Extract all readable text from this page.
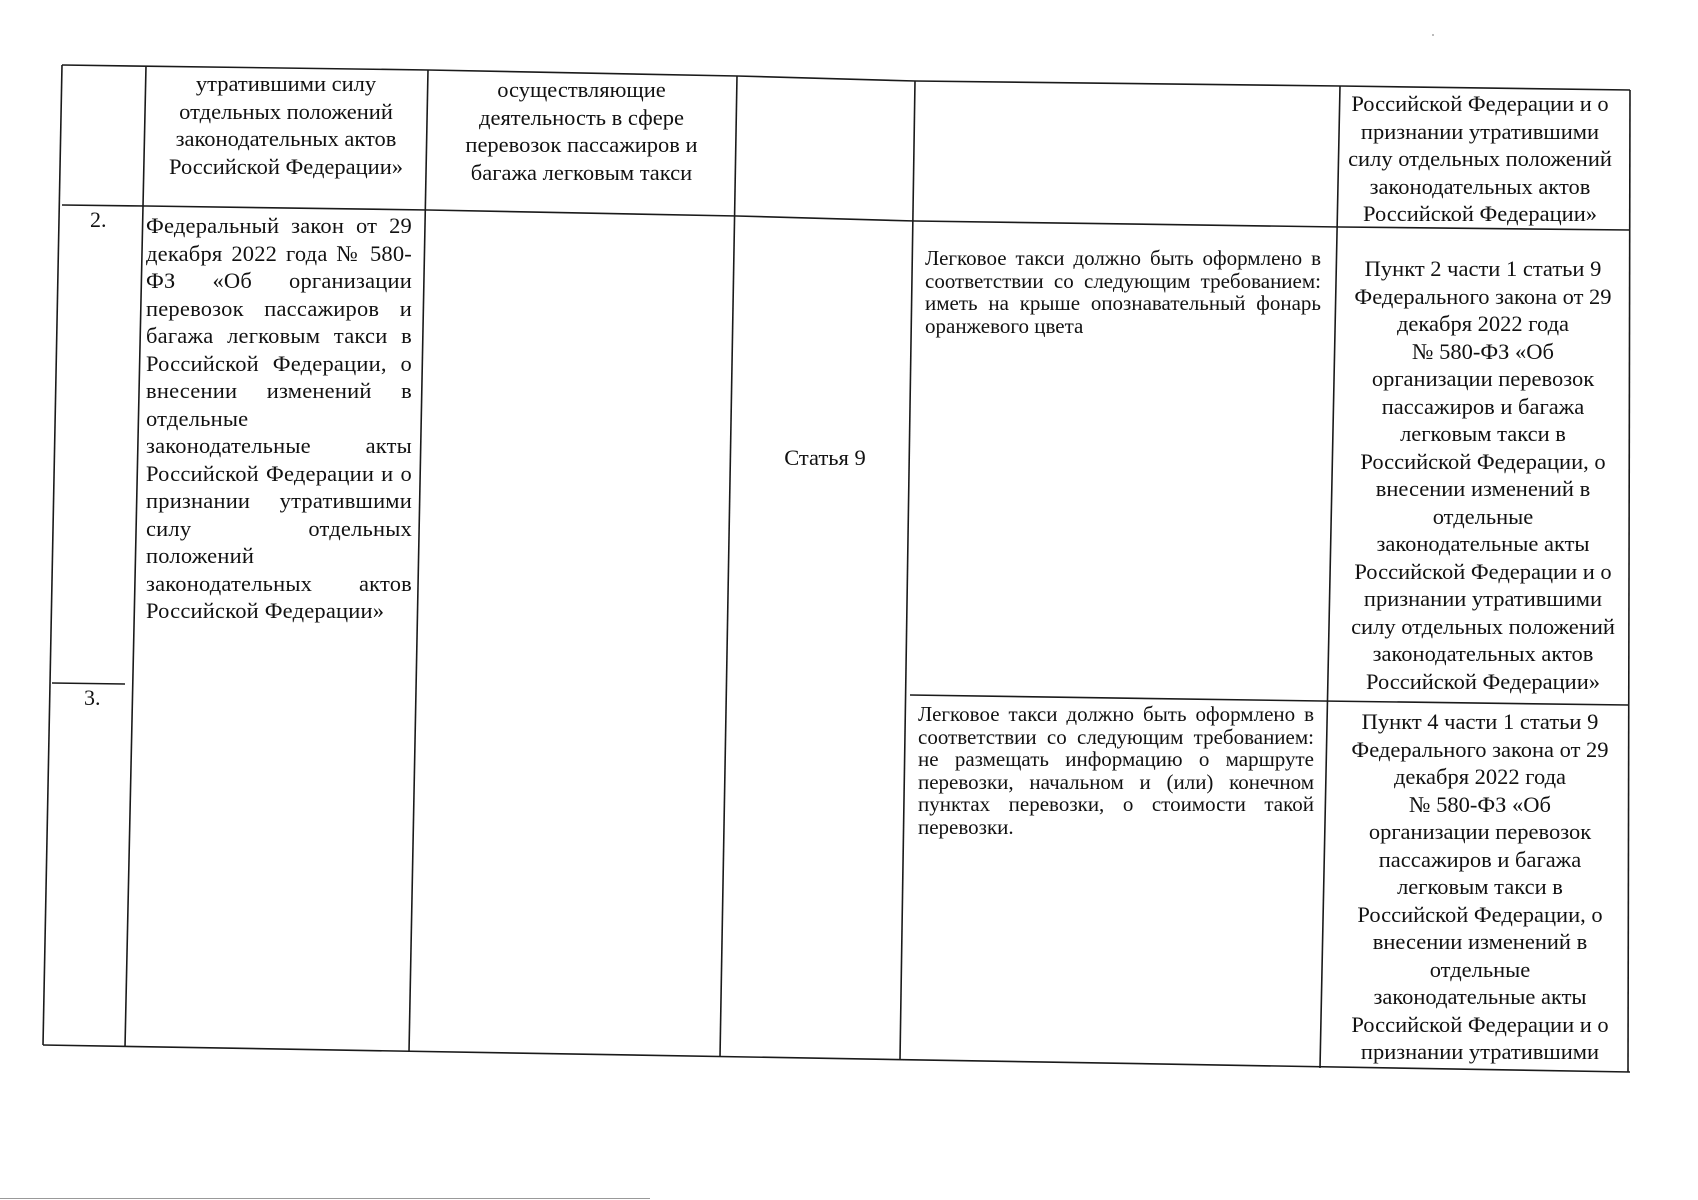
утратившими силу
отдельных положений
законодательных актов
Российской Федерации»
осуществляющие
деятельность в сфере
перевозок пассажиров и
багажа легковым такси
Российской Федерации и о
признании утратившими
силу отдельных положений
законодательных актов
Российской Федерации»
2. Федеральный закон от 29 декабря 2022 года № 580-ФЗ «Об организации перевозок пассажиров и багажа легковым такси в Российской Федерации, о внесении изменений в отдельные законодательные акты Российской Федерации и о признании утратившими силу отдельных положений законодательных актов Российской Федерации»
Статья 9
Легковое такси должно быть оформлено в соответствии со следующим требованием: иметь на крыше опознавательный фонарь оранжевого цвета
Пункт 2 части 1 статьи 9
Федерального закона от 29
декабря 2022 года
№ 580-ФЗ «Об
организации перевозок
пассажиров и багажа
легковым такси в
Российской Федерации, о
внесении изменений в
отдельные
законодательные акты
Российской Федерации и о
признании утратившими
силу отдельных положений
законодательных актов
Российской Федерации»
3.
Легковое такси должно быть оформлено в соответствии со следующим требованием: не размещать информацию о маршруте перевозки, начальном и (или) конечном пунктах перевозки, о стоимости такой перевозки.
Пункт 4 части 1 статьи 9
Федерального закона от 29
декабря 2022 года
№ 580-ФЗ «Об
организации перевозок
пассажиров и багажа
легковым такси в
Российской Федерации, о
внесении изменений в
отдельные
законодательные акты
Российской Федерации и о
признании утратившими
